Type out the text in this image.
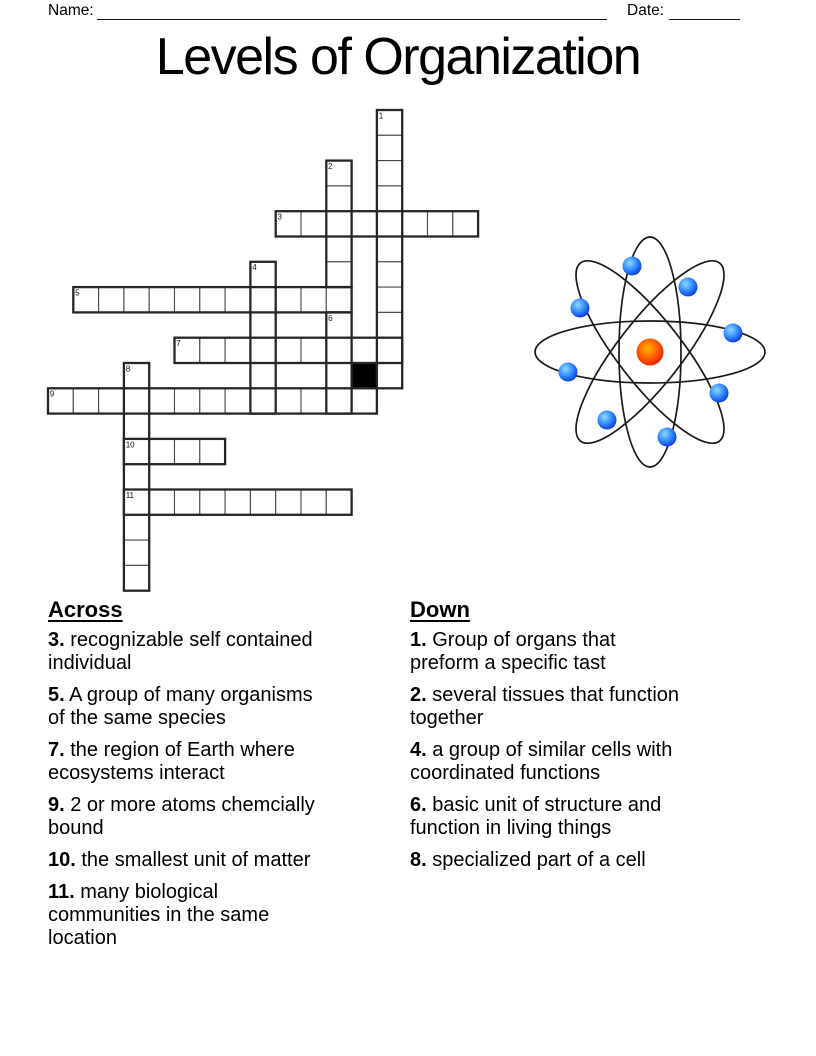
Name:	Date:
Levels of Organization
1
2
3
4
5
6
7
8
9
10
11
Across
3. recognizable self contained
individual
5. A group of many organisms
of the same species
7. the region of Earth where
ecosystems interact
9. 2 or more atoms chemcially
bound
10. the smallest unit of matter
11. many biological
communities in the same
location
Down
1. Group of organs that
preform a specific tast
2. several tissues that function
together
4. a group of similar cells with
coordinated functions
6. basic unit of structure and
function in living things
8. specialized part of a cell
